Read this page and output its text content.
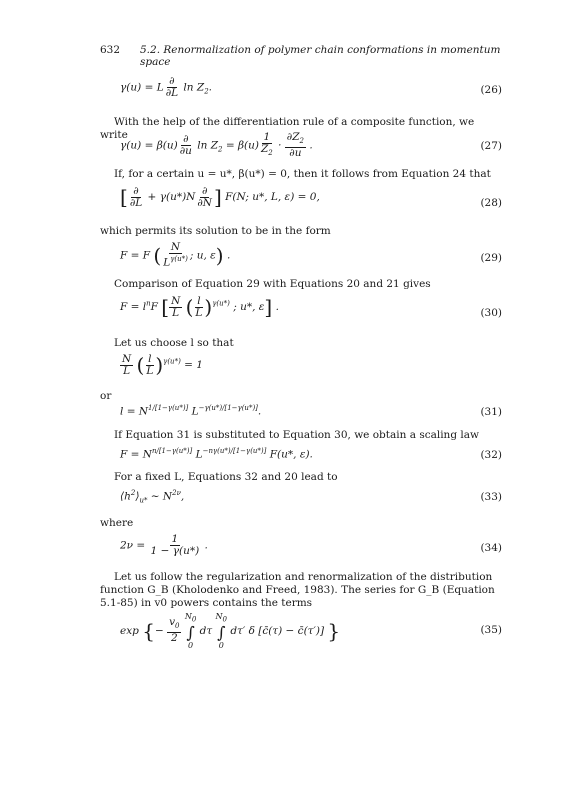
632 5.2. Renormalization of polymer chain conformations in momentum space
γ(u) = L $\frac{\partial}{\partial L}$ $\ln Z_2$.	(26)
With the help of the differentiation rule of a composite function, we write
$\gamma(u) = \beta(u) \frac{\partial}{\partial u}$ $\ln Z_2 = \beta(u) \frac{1}{Z_2} \cdot \frac{\partial Z_2}{\partial u}$ .	(27)
If, for a certain u = u*, β(u*) = 0, then it follows from Equation 24 that
[ $\frac{\partial}{\partial L} + \gamma(u*)N \frac{\partial}{\partial N}$ ] F(N; u*, L, ε) = 0,	(28)
which permits its solution to be in the form
F = F ( $\frac{N}{L^{\gamma(u*)}}$ ; u, ε) .	(29)
Comparison of Equation 29 with Equations 20 and 21 gives
$F = l^nF$ [ $\frac{N}{L}$ ( $\frac{l}{L} )^{\gamma(u*)}$ ; u*, ε] .	(30)
Let us choose l so that
$\frac{N}{L}$ ( $\frac{l}{L} )^{\gamma(u*)} = 1$
or
$l = N^{1/[1-\gamma(u*)]}$ $L^{-\gamma(u*)/[1-\gamma(u*)]}$.	(31)
If Equation 31 is substituted to Equation 30, we obtain a scaling law
$F = N^{n/[1-\gamma(u*)]}$ $L^{-n\gamma(u*)/[1-\gamma(u*)]}$ F(u*, ε).	(32)
For a fixed L, Equations 32 and 20 lead to
$⟨h^2⟩_{u*}$ ∼ $N^{2\nu}$,	(33)
where
$2\nu = \frac{1}{1 - \gamma(u*)}$ .	(34)
Let us follow the regularization and renormalization of the distribution function G_B (Kholodenko and Freed, 1983). The series for G_B (Equation 5.1-85) in v0 powers contains the terms
exp {− $\frac{v_0}{2}$

$N_0$
∫
0
dτ
$N_0$
∫
0
dτ′ δ [c̄(τ) − c̄(τ′)] }	(35)
